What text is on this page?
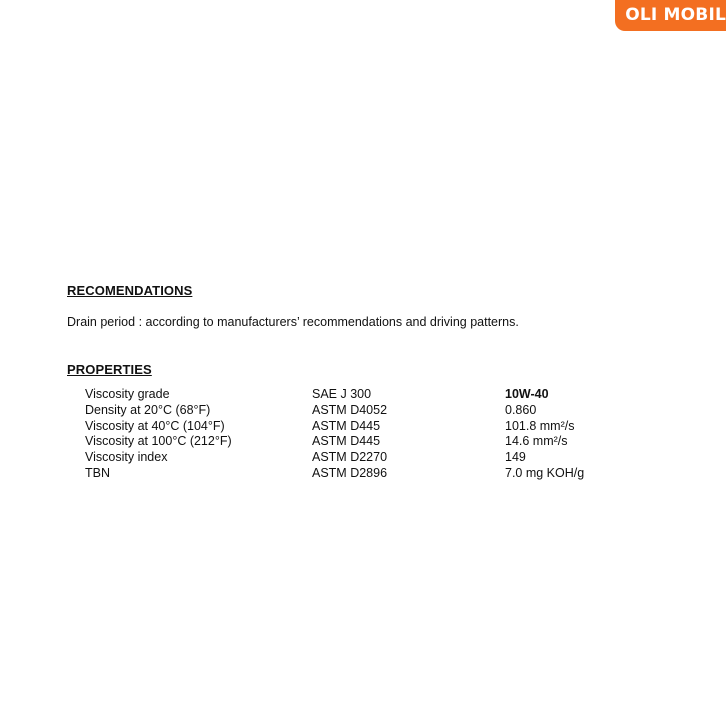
OLI MOBIL
RECOMENDATIONS
Drain period : according to manufacturers’ recommendations and driving patterns.
PROPERTIES
Viscosity grade	SAE J 300	10W-40
Density at 20°C (68°F)	ASTM D4052	0.860
Viscosity at 40°C (104°F)	ASTM D445	101.8 mm²/s
Viscosity at 100°C (212°F)	ASTM D445	14.6 mm²/s
Viscosity index	ASTM D2270	149
TBN	ASTM D2896	7.0 mg KOH/g
